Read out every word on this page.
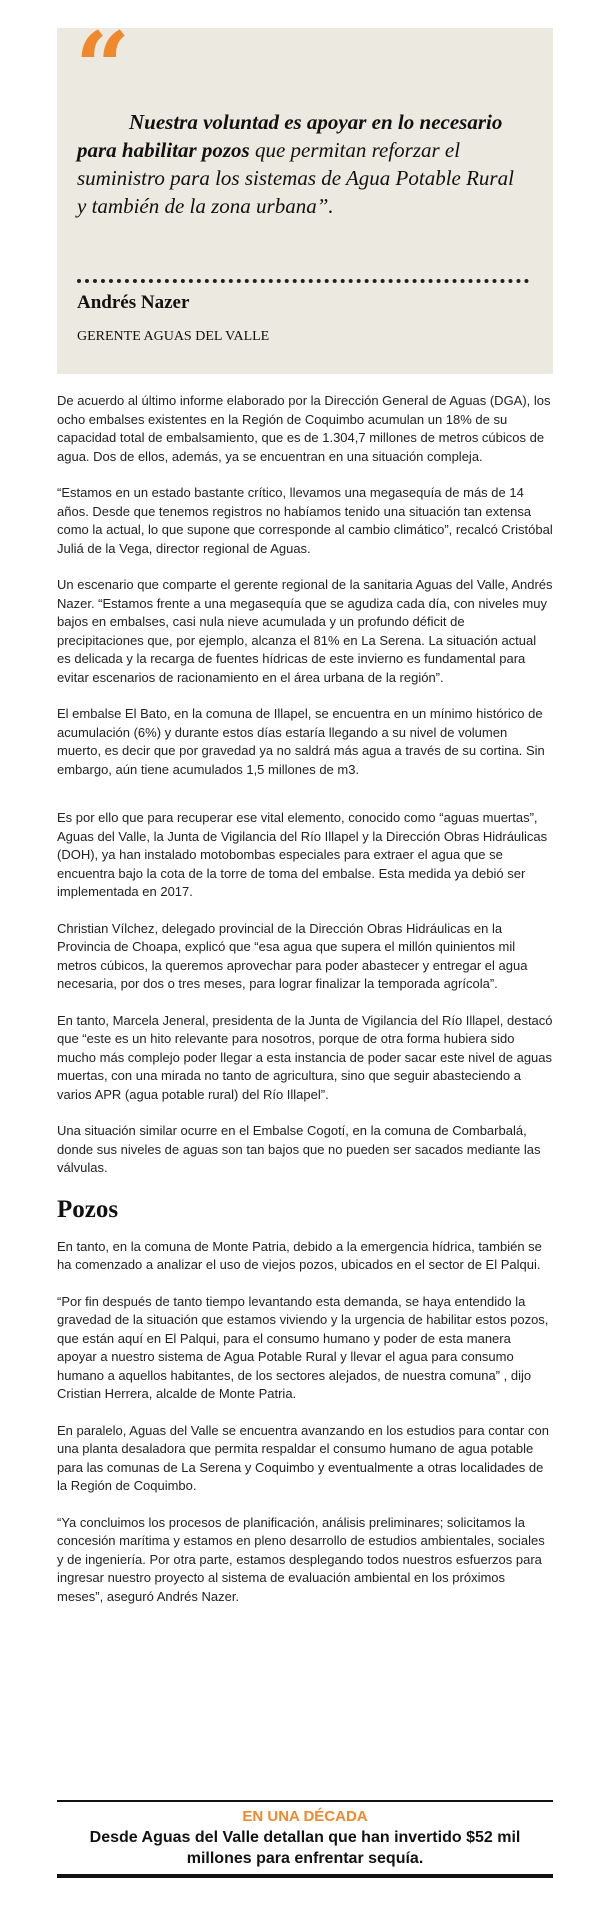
“

Nuestra voluntad es apoyar en lo necesario para habilitar pozos que permitan reforzar el suministro para los sistemas de Agua Potable Rural y también de la zona urbana”.

Andrés Nazer

GERENTE AGUAS DEL VALLE

De acuerdo al último informe elaborado por la Dirección General de Aguas (DGA), los ocho embalses existentes en la Región de Coquimbo acumulan un 18% de su capacidad total de embalsamiento, que es de 1.304,7 millones de metros cúbicos de agua. Dos de ellos, además, ya se encuentran en una situación compleja.

“Estamos en un estado bastante crítico, llevamos una megasequía de más de 14 años. Desde que tenemos registros no habíamos tenido una situación tan extensa como la actual, lo que supone que corresponde al cambio climático”, recalcó Cristóbal Juliá de la Vega, director regional de Aguas.

Un escenario que comparte el gerente regional de la sanitaria Aguas del Valle, Andrés Nazer. “Estamos frente a una megasequía que se agudiza cada día, con niveles muy bajos en embalses, casi nula nieve acumulada y un profundo déficit de precipitaciones que, por ejemplo, alcanza el 81% en La Serena. La situación actual es delicada y la recarga de fuentes hídricas de este invierno es fundamental para evitar escenarios de racionamiento en el área urbana de la región”.

El embalse El Bato, en la comuna de Illapel, se encuentra en un mínimo histórico de acumulación (6%) y durante estos días estaría llegando a su nivel de volumen muerto, es decir que por gravedad ya no saldrá más agua a través de su cortina. Sin embargo, aún tiene acumulados 1,5 millones de m3.

Es por ello que para recuperar ese vital elemento, conocido como “aguas muertas”, Aguas del Valle, la Junta de Vigilancia del Río Illapel y la Dirección Obras Hidráulicas (DOH), ya han instalado motobombas especiales para extraer el agua que se encuentra bajo la cota de la torre de toma del embalse. Esta medida ya debió ser implementada en 2017.

Christian Vílchez, delegado provincial de la Dirección Obras Hidráulicas en la Provincia de Choapa, explicó que “esa agua que supera el millón quinientos mil metros cúbicos, la queremos aprovechar para poder abastecer y entregar el agua necesaria, por dos o tres meses, para lograr finalizar la temporada agrícola”.

En tanto, Marcela Jeneral, presidenta de la Junta de Vigilancia del Río Illapel, destacó que “este es un hito relevante para nosotros, porque de otra forma hubiera sido mucho más complejo poder llegar a esta instancia de poder sacar este nivel de aguas muertas, con una mirada no tanto de agricultura, sino que seguir abasteciendo a varios APR (agua potable rural) del Río Illapel”.

Una situación similar ocurre en el Embalse Cogotí, en la comuna de Combarbalá, donde sus niveles de aguas son tan bajos que no pueden ser sacados mediante las válvulas.

Pozos

En tanto, en la comuna de Monte Patria, debido a la emergencia hídrica, también se ha comenzado a analizar el uso de viejos pozos, ubicados en el sector de El Palqui.

“Por fin después de tanto tiempo levantando esta demanda, se haya entendido la gravedad de la situación que estamos viviendo y la urgencia de habilitar estos pozos, que están aquí en El Palqui, para el consumo humano y poder de esta manera apoyar a nuestro sistema de Agua Potable Rural y llevar el agua para consumo humano a aquellos habitantes, de los sectores alejados, de nuestra comuna” , dijo Cristian Herrera, alcalde de Monte Patria.

En paralelo, Aguas del Valle se encuentra avanzando en los estudios para contar con una planta desaladora que permita respaldar el consumo humano de agua potable para las comunas de La Serena y Coquimbo y eventualmente a otras localidades de la Región de Coquimbo.

“Ya concluimos los procesos de planificación, análisis preliminares; solicitamos la concesión marítima y estamos en pleno desarrollo de estudios ambientales, sociales y de ingeniería. Por otra parte, estamos desplegando todos nuestros esfuerzos para ingresar nuestro proyecto al sistema de evaluación ambiental en los próximos meses”, aseguró Andrés Nazer.

EN UNA DÉCADA
Desde Aguas del Valle detallan que han invertido $52 mil millones para enfrentar sequía.
